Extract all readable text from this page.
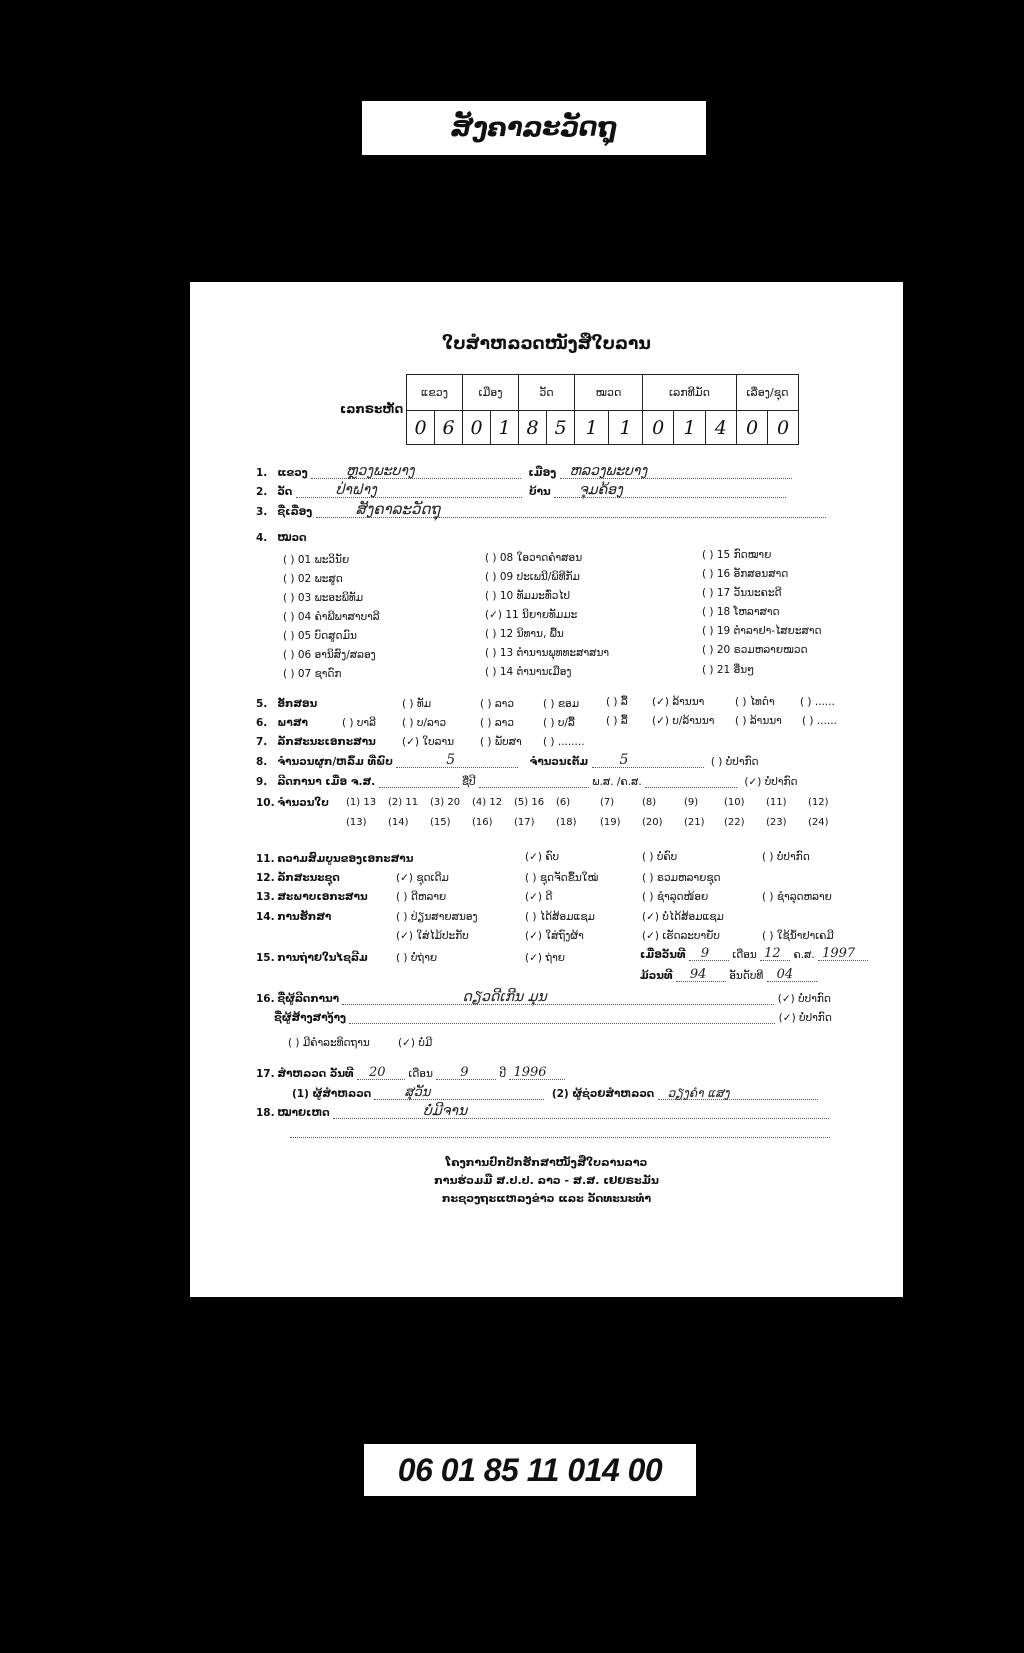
ສັງຄາລະວັດຖຸ
ໃບສຳຫລວດໜັງສືໃບລານ
ເລກຣະຫັດ
ແຂວງ		ເມືອງ		ວັດ		ໝວດ		ເລກທີມັດ			ເລື່ອງ/ຊຸດ	
0	6	0	1	8	5	1	1	0	1	4	0	0
1. ແຂວງ	ຫຼວງພະບາງ	ເມືອງ ຫລວງພະບາງ
2. ວັດ	ປ່າຝາງ	ບ້ານ ຈຸມຄ້ອງ
3. ຊື່ເລື່ອງ	ສັງຄາລະວັດຖຸ
4. ໝວດ
( ) 01 ພະວິນັຍ
( ) 02 ພະສູດ
( ) 03 ພະອະພິທັມ
( ) 04 ຄຳພີພາສາບາລີ
( ) 05 ບົດສູດມົນ
( ) 06 ອານິສົງ/ສລອງ
( ) 07 ຊາດົກ
( ) 08 ໃອວາດຄຳສອນ
( ) 09 ປະເພນີ/ພິທີກັມ
( ) 10 ທັມມະທົ່ວໄປ
(✓) 11 ນິຍາຍທັມມະ
( ) 12 ນິທານ, ພື້ນ
( ) 13 ຕຳນານພຸທທະສາສນາ
( ) 14 ຕຳນານເມືອງ
( ) 15 ກົດໝາຍ
( ) 16 ອັກສອນສາດ
( ) 17 ວັນນະຄະດີ
( ) 18 ໂຫລາສາດ
( ) 19 ຕຳລາຢາ-ໄສຍະສາດ
( ) 20 ຣວມຫລາຍໝວດ
( ) 21 ອື່ນໆ
5. ອັກສອນ	( ) ທັມ	( ) ລາວ	( ) ຂອມ	( ) ລື້ (✓) ລ້ານນາ	( ) ໄທດຳ ( ) ......
6. ພາສາ	( ) ບາລີ ( ) ບ/ລາວ	( ) ລາວ	( ) ບ/ລື້	( ) ລື້ (✓) ບ/ລ້ານນາ ( ) ລ້ານນາ ( ) ......
7. ລັກສະນະເອກະສານ (✓) ໃບລານ ( ) ພັບສາ ( ) ........
8. ຈຳນວນຜູກ/ຫລົ້ມ ທີ່ພົບ	5	ຈຳນວນເຕັມ 5	( ) ບໍ່ປາກົດ
9. ລີດການາ ເມື່ອ ຈ.ສ.	ຊື່ປີ	ພ.ສ. /ຄ.ສ.	(✓) ບໍ່ປາກົດ
10. ຈຳນວນໃບ (1) 13 (2) 11 (3) 20 (4) 12 (5) 16 (6)	(7)	(8)	(9)	(10) (11) (12)
(13) (14) (15) (16) (17) (18) (19) (20) (21) (22) (23) (24)
11. ຄວາມສົມບູນຂອງເອກະສານ	(✓) ຄົບ	( ) ບໍ່ຄົບ	( ) ບໍ່ປາກົດ
12. ລັກສະນະຊຸດ	(✓) ຊຸດເດີມ	( ) ຊຸດຈັດຂຶ້ນໃໝ່	( ) ຣວມຫລາຍຊຸດ
13. ສະພາບເອກະສານ	( ) ດີຫລາຍ	(✓) ດີ	( ) ຊຳລຸດໜ້ອຍ	( ) ຊຳລຸດຫລາຍ
14. ການຮັກສາ	( ) ປ່ຽນສາຍສນອງ	( ) ໄດ້ສ້ອມແຊມ	(✓) ບໍ່ໄດ້ສ້ອມແຊມ
(✓) ໃສ່ໄມ້ປະກັບ	(✓) ໃສ່ຖົງຜ້າ	(✓) ເຮັດລະບາຍັບ	( ) ໃຊ້ນ້ຳຢາເຄມີ
15. ການຖ່າຍໃນໄຊລີມ	( ) ບໍ່ຖ່າຍ	(✓) ຖ່າຍ	ເມື່ອວັນທີ 9 ເດືອນ 12 ຄ.ສ. 1997
ມ້ວນທີ 94 ອັນດັບທີ 04
16. ຊື່ຜູ້ລີດການາ	ດຽວດີເກີນ ມຸນ	(✓) ບໍ່ປາກົດ
ຊື່ຜູ້ສ້າງສາງ້າງ	(✓) ບໍ່ປາກົດ
( ) ມີຄຳລະທິດຖານ	(✓) ບໍ່ມີ
17. ສຳຫລວດ ວັນທີ 20 ເດືອນ 9	ປີ 1996
(1) ຜູ້ສຳຫລວດ	ສຸວັນ	(2) ຜູ້ຊ່ວຍສຳຫລວດ ວຽງຄຳ ແສງ
18. ໝາຍເຫດ	ບໍ່ມີຈານ
ໂຄງການປົກປັກຮັກສາໜັງສືໃບລານລາວ
ການຮ່ວມມື ສ.ປ.ປ. ລາວ - ສ.ສ. ເຢຍຣະມັນ
ກະຊວງຖະແຫລງຂ່າວ ແລະ ວັດທະນະທຳ
06 01 85 11 014 00
